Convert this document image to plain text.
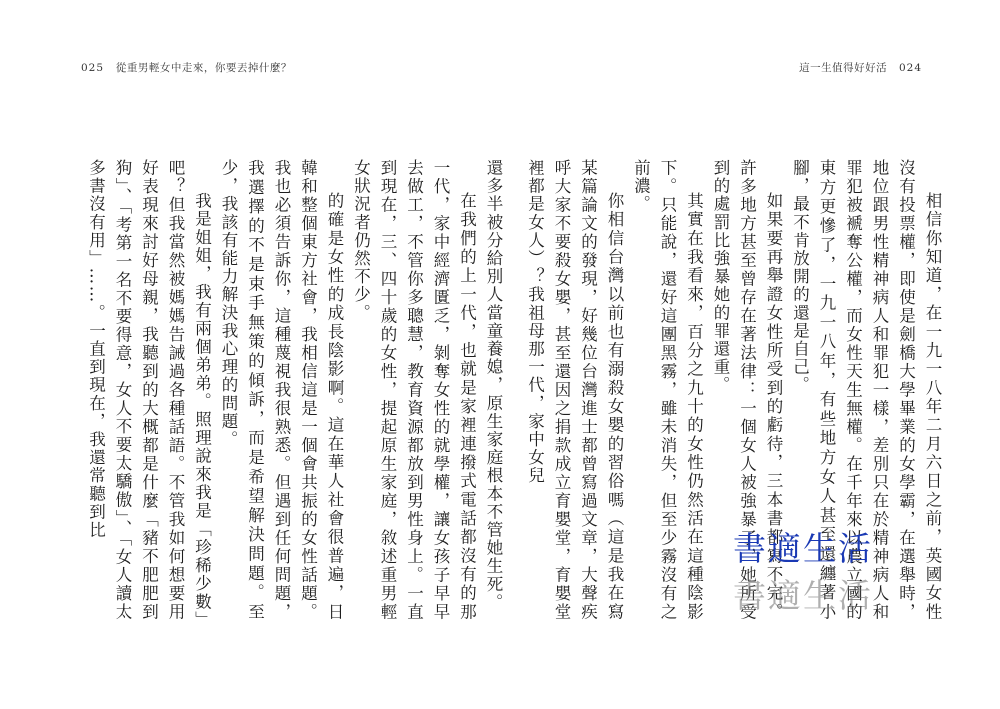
025 從重男輕女中走來，你要丟掉什麼？	這一生值得好好活 024

相信你知道，在一九一八年二月六日之前，英國女性沒有投票權，即使是劍橋大學畢業的女學霸，在選舉時，地位跟男性精神病人和罪犯一樣，差別只在於精神病人和罪犯被褫奪公權，而女性天生無權。在千年來以農立國的東方更慘了，一九一八年，有些地方女人甚至還纏著小腳，最不肯放開的還是自己。

如果要再舉證女性所受到的虧待，三本書都寫不完。許多地方甚至曾存在著法律：一個女人被強暴了，她所受到的處罰比強暴她的罪還重。

其實在我看來，百分之九十的女性仍然活在這種陰影下。只能說，還好這團黑霧，雖未消失，但至少霧沒有之前濃。

你相信台灣以前也有溺殺女嬰的習俗嗎（這是我在寫某篇論文的發現，好幾位台灣進士都曾寫過文章，大聲疾呼大家不要殺女嬰，甚至還因之捐款成立育嬰堂，育嬰堂裡都是女人）？我祖母那一代，家中女兒

還多半被分給別人當童養媳，原生家庭根本不管她生死。

在我們的上一代，也就是家裡連撥式電話都沒有的那一代，家中經濟匱乏，剝奪女性的就學權，讓女孩子早早去做工，不管你多聰慧，教育資源都放到男性身上。一直到現在，三、四十歲的女性，提起原生家庭，敘述重男輕女狀況者仍然不少。

的確是女性的成長陰影啊。這在華人社會很普遍，日韓和整個東方社會，我相信這是一個會共振的女性話題。我也必須告訴你，這種蔑視我很熟悉。但遇到任何問題，我選擇的不是束手無策的傾訴，而是希望解決問題。至少，我該有能力解決我心理的問題。

我是姐姐，我有兩個弟弟。照理說來我是「珍稀少數」吧？但我當然被媽媽告誡過各種話語。不管我如何想要用好表現來討好母親，我聽到的大概都是什麼「豬不肥肥到狗」、「考第一名不要得意，女人不要太驕傲」、「女人讀太多書沒有用」……。一直到現在，我還常聽到比

書適生活
書適生活
